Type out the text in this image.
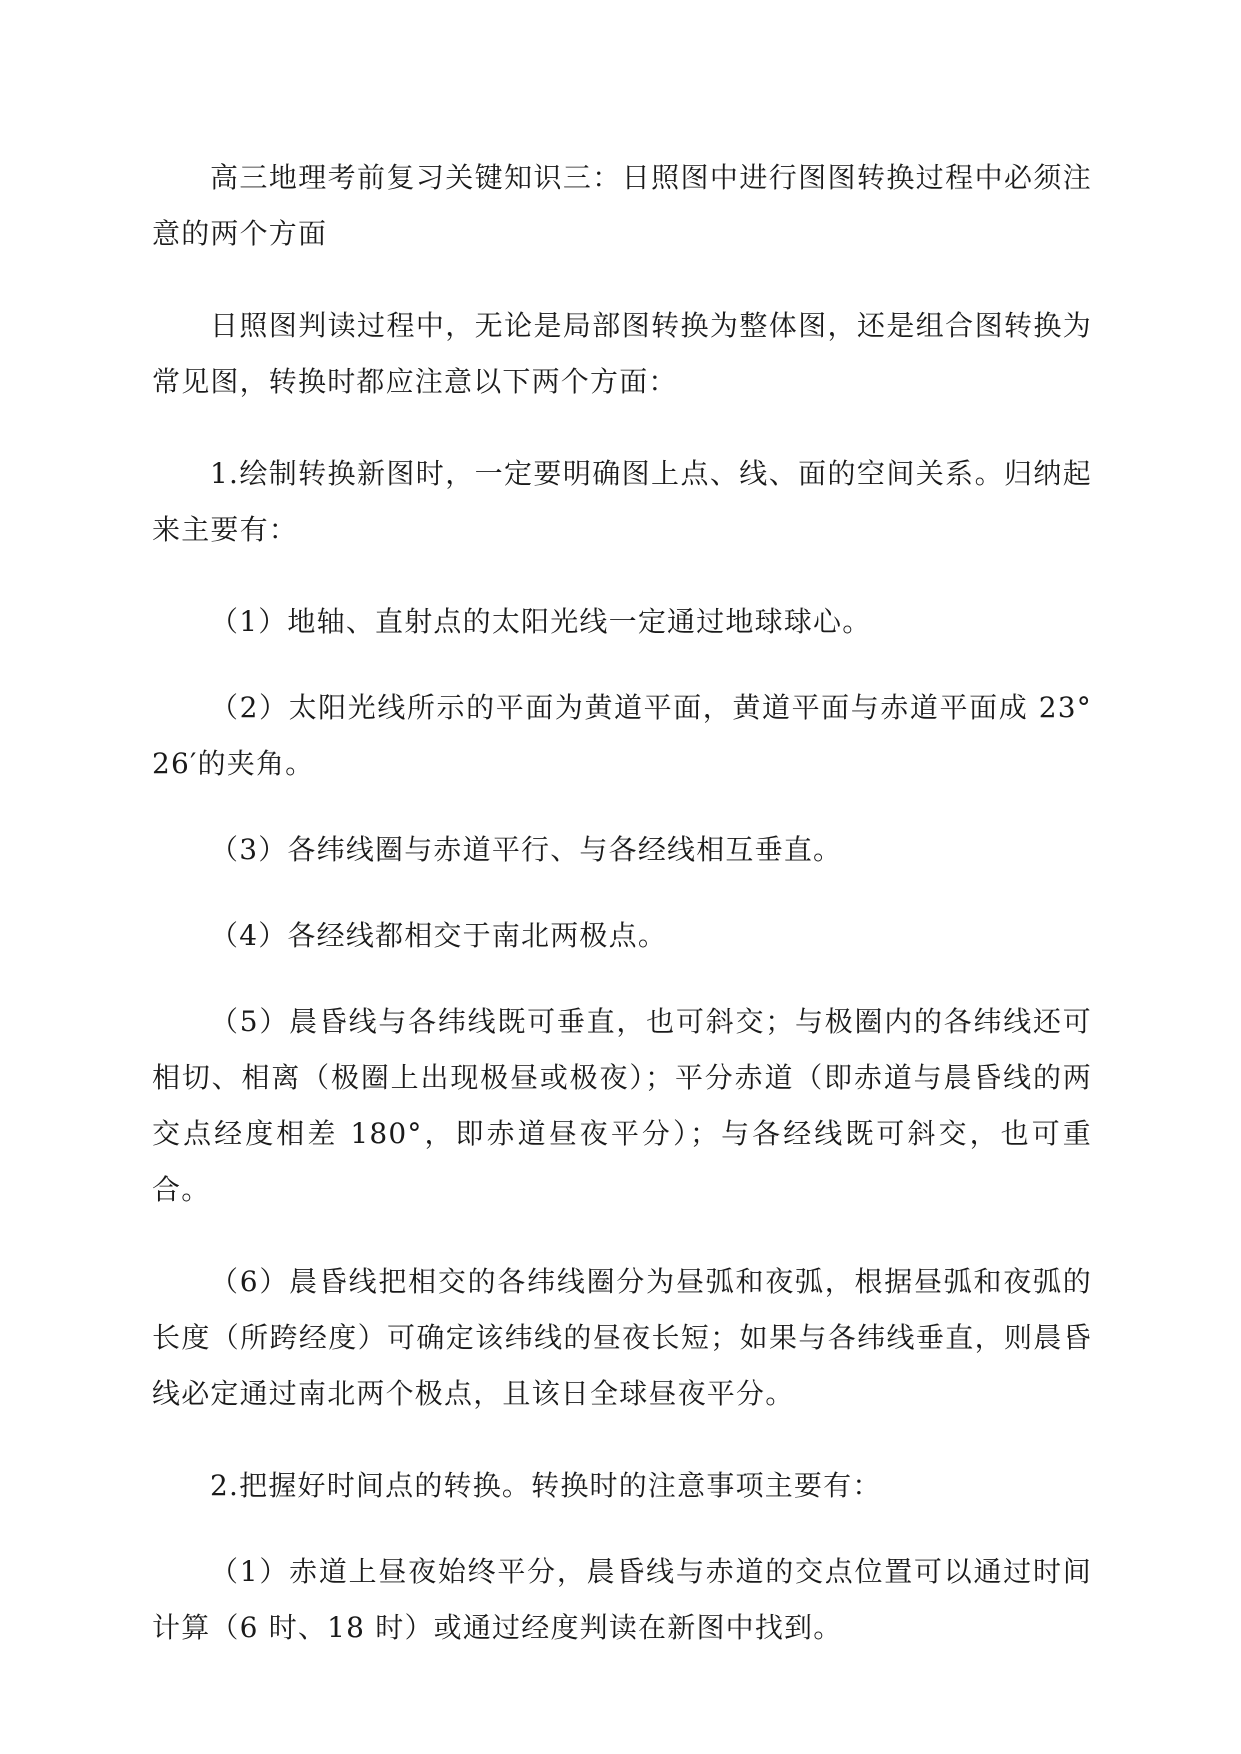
高三地理考前复习关键知识三：日照图中进行图图转换过程中必须注意的两个方面

日照图判读过程中，无论是局部图转换为整体图，还是组合图转换为常见图，转换时都应注意以下两个方面：

1.绘制转换新图时，一定要明确图上点、线、面的空间关系。归纳起来主要有：

（1）地轴、直射点的太阳光线一定通过地球球心。

（2）太阳光线所示的平面为黄道平面，黄道平面与赤道平面成 23°26′的夹角。

（3）各纬线圈与赤道平行、与各经线相互垂直。

（4）各经线都相交于南北两极点。

（5）晨昏线与各纬线既可垂直，也可斜交；与极圈内的各纬线还可相切、相离（极圈上出现极昼或极夜）；平分赤道（即赤道与晨昏线的两交点经度相差 180°，即赤道昼夜平分）；与各经线既可斜交，也可重合。

（6）晨昏线把相交的各纬线圈分为昼弧和夜弧，根据昼弧和夜弧的长度（所跨经度）可确定该纬线的昼夜长短；如果与各纬线垂直，则晨昏线必定通过南北两个极点，且该日全球昼夜平分。

2.把握好时间点的转换。转换时的注意事项主要有：

（1）赤道上昼夜始终平分，晨昏线与赤道的交点位置可以通过时间计算（6 时、18 时）或通过经度判读在新图中找到。
